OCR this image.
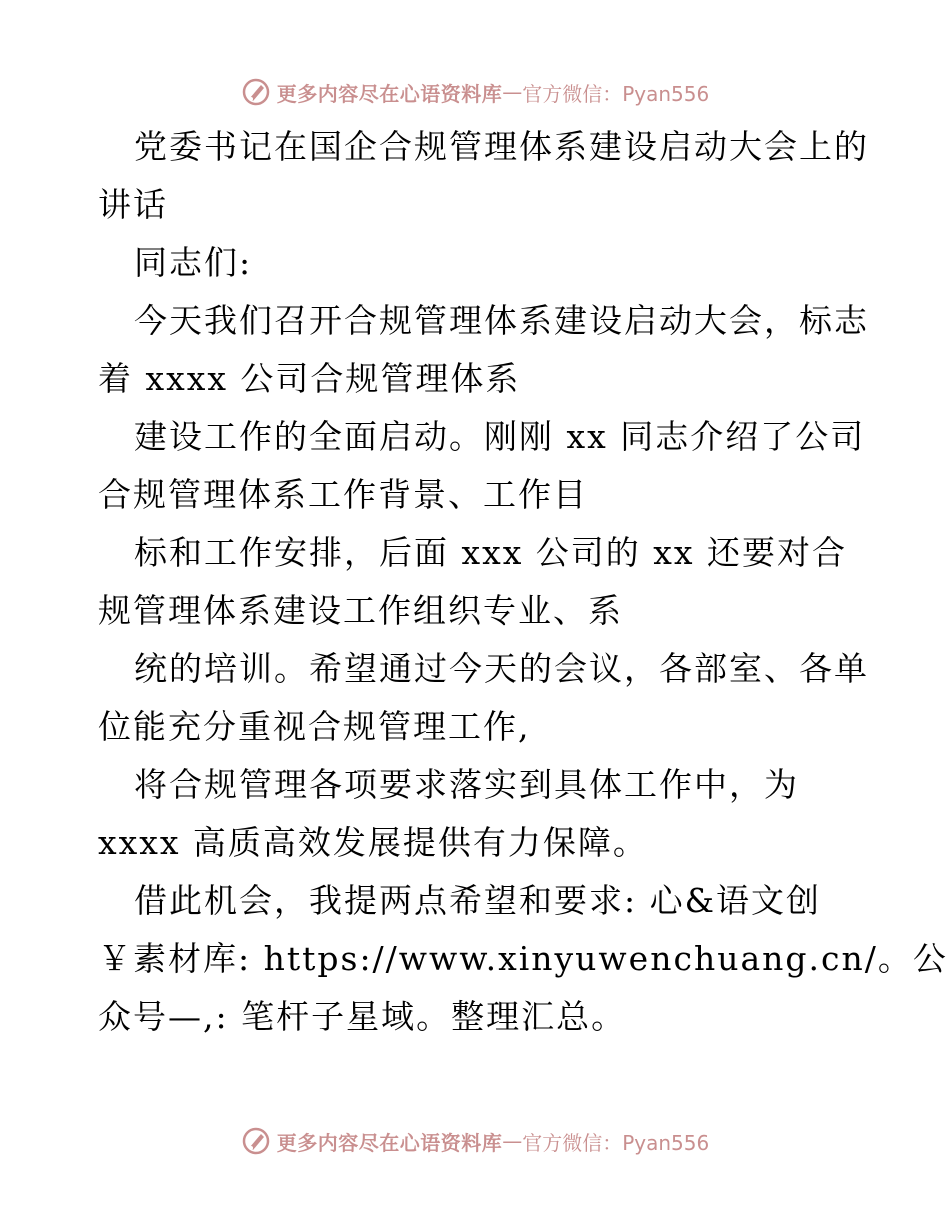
更多内容尽在心语资料库 — 官方微信：Pyan556
党委书记在国企合规管理体系建设启动大会上的
讲话
同志们:
今天我们召开合规管理体系建设启动大会，标志
着 xxxx 公司合规管理体系
建设工作的全面启动。刚刚 xx 同志介绍了公司
合规管理体系工作背景、工作目
标和工作安排，后面 xxx 公司的 xx 还要对合
规管理体系建设工作组织专业、系
统的培训。希望通过今天的会议，各部室、各单
位能充分重视合规管理工作,
将合规管理各项要求落实到具体工作中，为
xxxx 高质高效发展提供有力保障。
借此机会，我提两点希望和要求: 心&语文创
￥素材库: https://www.xinyuwenchuang.cn/。公
众号—,: 笔杆子星域。整理汇总。
更多内容尽在心语资料库 — 官方微信：Pyan556
